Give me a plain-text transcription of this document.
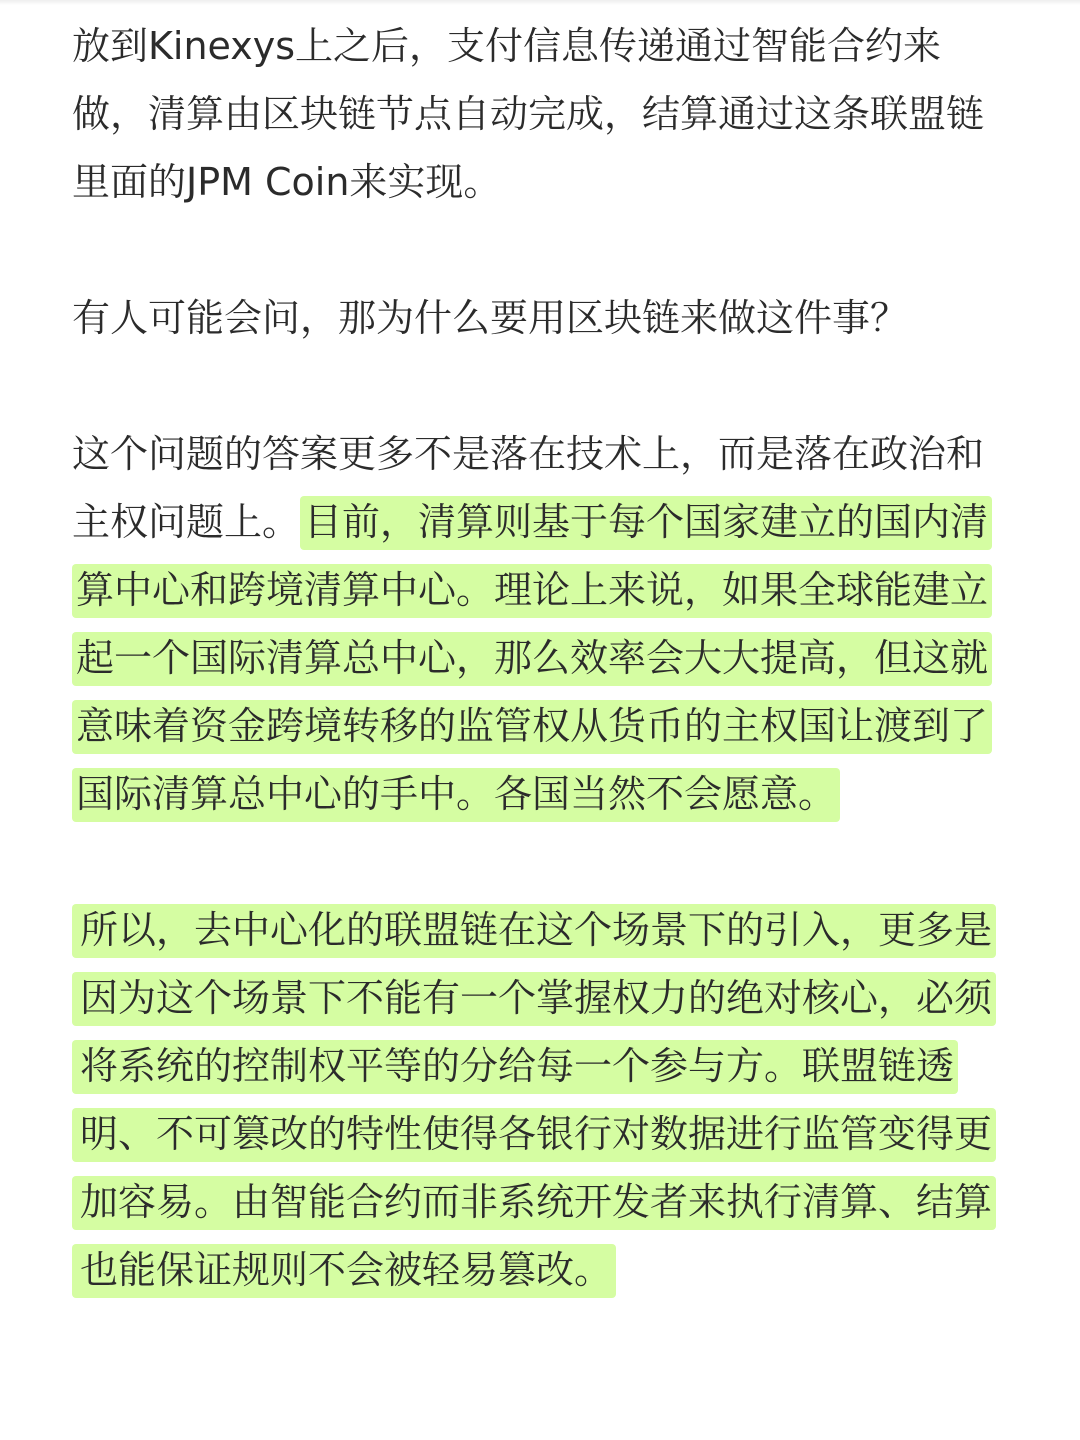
放到Kinexys上之后，支付信息传递通过智能合约来做，清算由区块链节点自动完成，结算通过这条联盟链里面的JPM Coin来实现。

有人可能会问，那为什么要用区块链来做这件事？

这个问题的答案更多不是落在技术上，而是落在政治和主权问题上。 目前，清算则基于每个国家建立的国内清算中心和跨境清算中心。理论上来说，如果全球能建立起一个国际清算总中心，那么效率会大大提高，但这就意味着资金跨境转移的监管权从货币的主权国让渡到了国际清算总中心的手中。各国当然不会愿意。

所以，去中心化的联盟链在这个场景下的引入，更多是因为这个场景下不能有一个掌握权力的绝对核心，必须将系统的控制权平等的分给每一个参与方。联盟链透明、不可篡改的特性使得各银行对数据进行监管变得更加容易。由智能合约而非系统开发者来执行清算、结算也能保证规则不会被轻易篡改。
